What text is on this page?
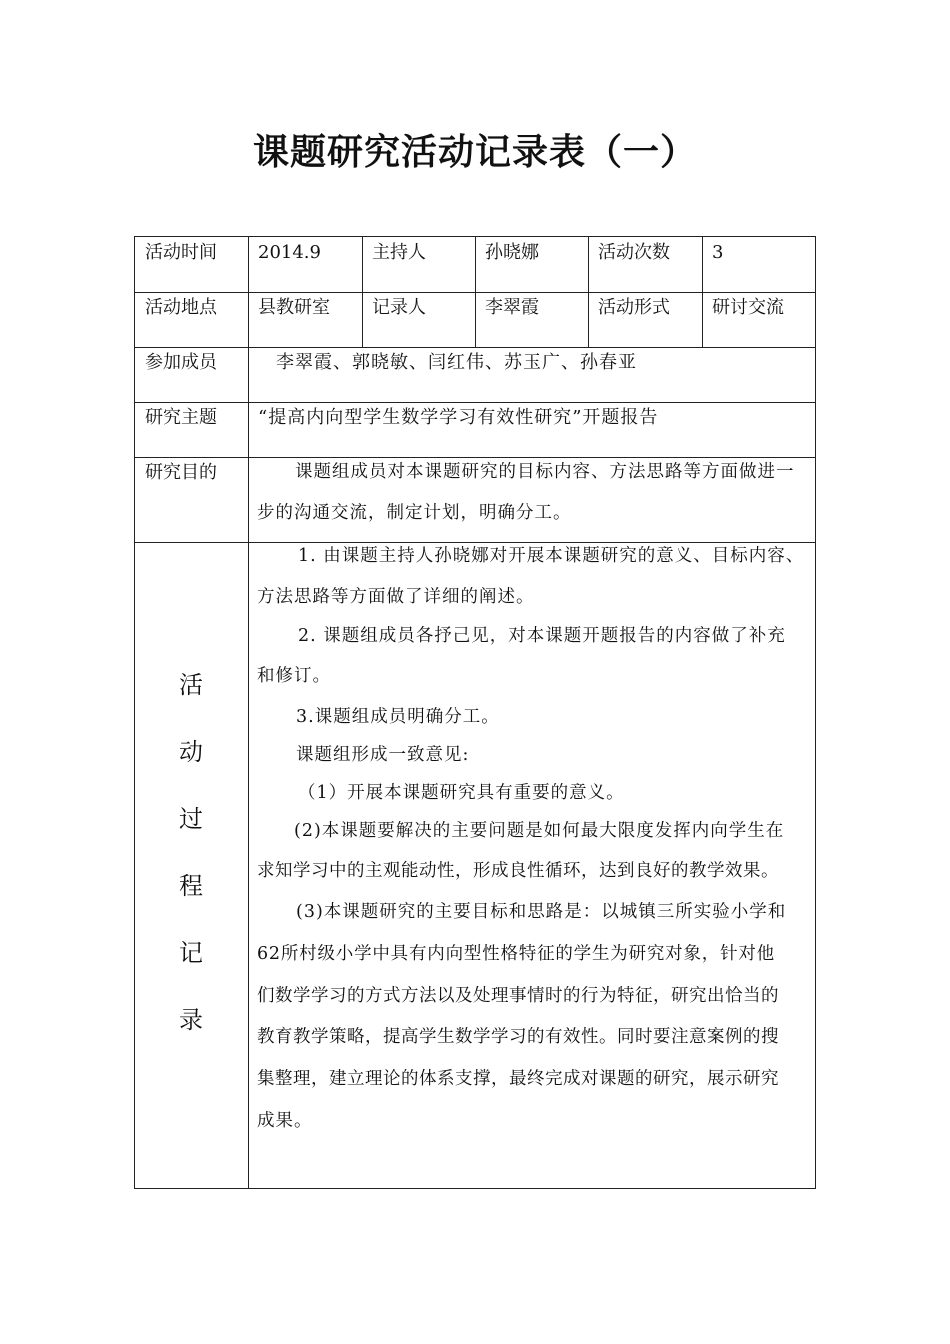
课题研究活动记录表（一）
活动时间 2014.9	主持人	孙晓娜	活动次数 3
活动地点 县教研室 记录人	李翠霞	活动形式 研讨交流
参加成员	李翠霞、郭晓敏、闫红伟、苏玉广、孙春亚
研究主题 “提高内向型学生数学学习有效性研究”开题报告
研究目的	课题组成员对本课题研究的目标内容、方法思路等方面做进一
步的沟通交流，制定计划，明确分工。
活
动
过
程
记
录
1. 由课题主持人孙晓娜对开展本课题研究的意义、目标内容、
方法思路等方面做了详细的阐述。
2. 课题组成员各抒己见，对本课题开题报告的内容做了补充
和修订。
3.课题组成员明确分工。
课题组形成一致意见:
（1）开展本课题研究具有重要的意义。
(2)本课题要解决的主要问题是如何最大限度发挥内向学生在
求知学习中的主观能动性，形成良性循环，达到良好的教学效果。
(3)本课题研究的主要目标和思路是：以城镇三所实验小学和
62所村级小学中具有内向型性格特征的学生为研究对象，针对他
们数学学习的方式方法以及处理事情时的行为特征，研究出恰当的
教育教学策略，提高学生数学学习的有效性。同时要注意案例的搜
集整理，建立理论的体系支撑，最终完成对课题的研究，展示研究
成果。
